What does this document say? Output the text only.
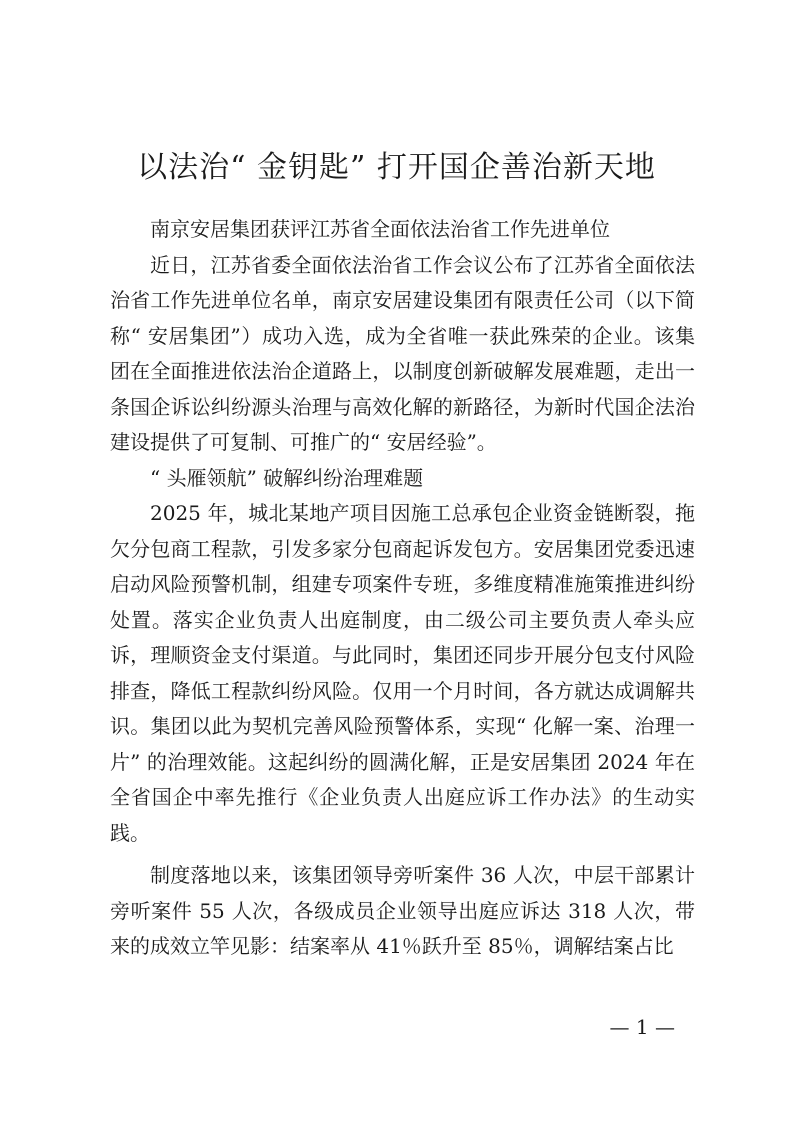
以法治“ 金钥匙” 打开国企善治新天地

南京安居集团获评江苏省全面依法治省工作先进单位

近日，江苏省委全面依法治省工作会议公布了江苏省全面依法治省工作先进单位名单，南京安居建设集团有限责任公司（以下简称“ 安居集团”）成功入选，成为全省唯一获此殊荣的企业。该集团在全面推进依法治企道路上，以制度创新破解发展难题，走出一条国企诉讼纠纷源头治理与高效化解的新路径，为新时代国企法治建设提供了可复制、可推广的“ 安居经验”。

“ 头雁领航” 破解纠纷治理难题

2025 年，城北某地产项目因施工总承包企业资金链断裂，拖欠分包商工程款，引发多家分包商起诉发包方。安居集团党委迅速启动风险预警机制，组建专项案件专班，多维度精准施策推进纠纷处置。落实企业负责人出庭制度，由二级公司主要负责人牵头应诉，理顺资金支付渠道。与此同时，集团还同步开展分包支付风险排查，降低工程款纠纷风险。仅用一个月时间，各方就达成调解共识。集团以此为契机完善风险预警体系，实现“ 化解一案、治理一片” 的治理效能。这起纠纷的圆满化解，正是安居集团 2024 年在全省国企中率先推行《企业负责人出庭应诉工作办法》的生动实践。

制度落地以来，该集团领导旁听案件 36 人次，中层干部累计旁听案件 55 人次，各级成员企业领导出庭应诉达 318 人次，带来的成效立竿见影：结案率从 41％跃升至 85％，调解结案占比

— 1 —
